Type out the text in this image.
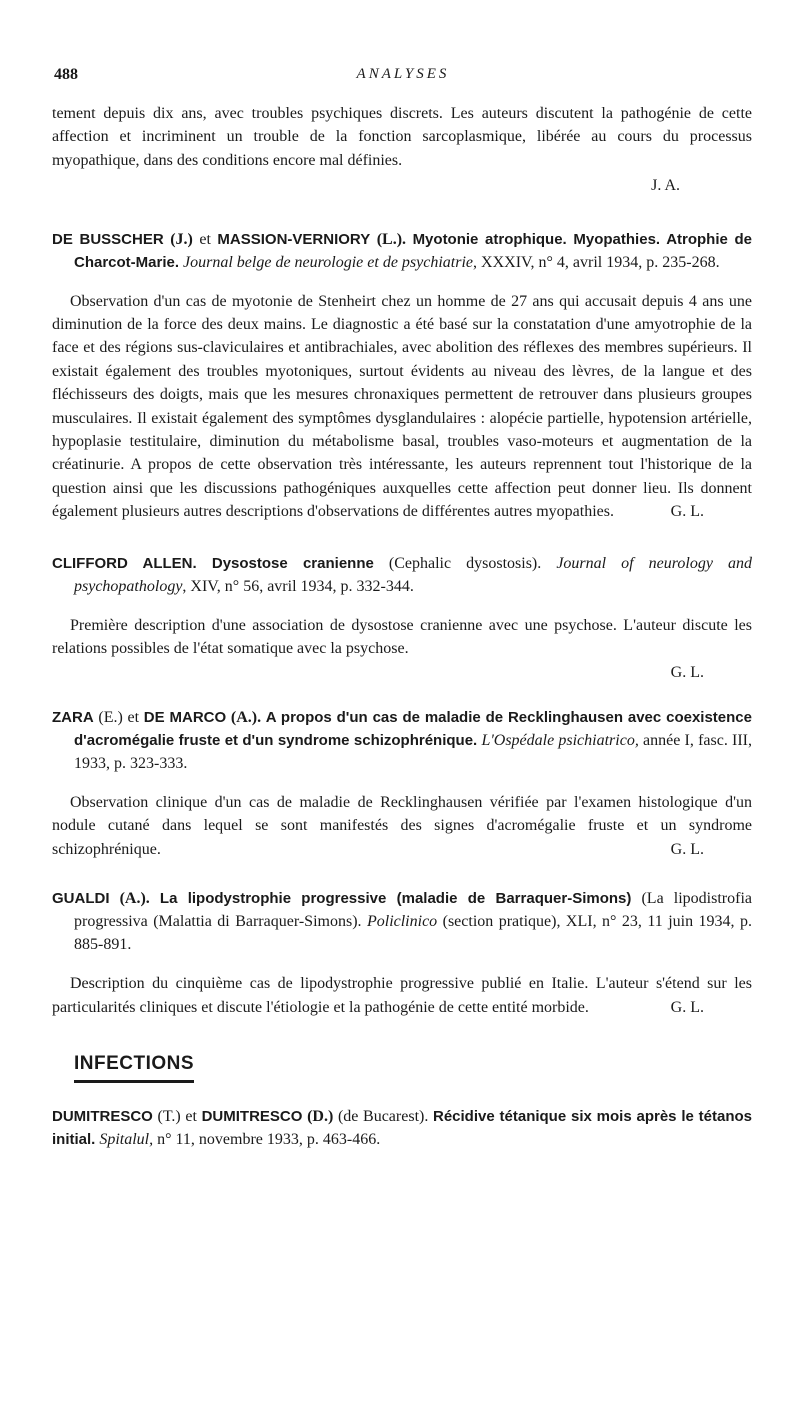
488	ANALYSES

tement depuis dix ans, avec troubles psychiques discrets. Les auteurs discutent la pathogénie de cette affection et incriminent un trouble de la fonction sarcoplasmique, libérée au cours du processus myopathique, dans des conditions encore mal définies.

J. A.
DE BUSSCHER (J.) et MASSION-VERNIORY (L.). Myotonie atrophique. Myopathies. Atrophie de Charcot-Marie. Journal belge de neurologie et de psychiatrie, XXXIV, n° 4, avril 1934, p. 235-268.

Observation d'un cas de myotonie de Stenheirt chez un homme de 27 ans qui accusait depuis 4 ans une diminution de la force des deux mains. Le diagnostic a été basé sur la constatation d'une amyotrophie de la face et des régions sus-claviculaires et antibrachiales, avec abolition des réflexes des membres supérieurs. Il existait également des troubles myotoniques, surtout évidents au niveau des lèvres, de la langue et des fléchisseurs des doigts, mais que les mesures chronaxiques permettent de retrouver dans plusieurs groupes musculaires. Il existait également des symptômes dysglandulaires : alopécie partielle, hypotension artérielle, hypoplasie testitulaire, diminution du métabolisme basal, troubles vaso-moteurs et augmentation de la créatinurie. A propos de cette observation très intéressante, les auteurs reprennent tout l'historique de la question ainsi que les discussions pathogéniques auxquelles cette affection peut donner lieu. Ils donnent également plusieurs autres descriptions d'observations de différentes autres myopathies.	G. L.
CLIFFORD ALLEN. Dysostose cranienne (Cephalic dysostosis). Journal of neurology and psychopathology, XIV, n° 56, avril 1934, p. 332-344.

Première description d'une association de dysostose cranienne avec une psychose. L'auteur discute les relations possibles de l'état somatique avec la psychose.

G. L.
ZARA (E.) et DE MARCO (A.). A propos d'un cas de maladie de Recklinghausen avec coexistence d'acromégalie fruste et d'un syndrome schizophrénique. L'Ospédale psichiatrico, année I, fasc. III, 1933, p. 323-333.

Observation clinique d'un cas de maladie de Recklinghausen vérifiée par l'examen histologique d'un nodule cutané dans lequel se sont manifestés des signes d'acromégalie fruste et un syndrome schizophrénique.	G. L.
GUALDI (A.). La lipodystrophie progressive (maladie de Barraquer-Simons) (La lipodistrofia progressiva (Malattia di Barraquer-Simons). Policlinico (section pratique), XLI, n° 23, 11 juin 1934, p. 885-891.

Description du cinquième cas de lipodystrophie progressive publié en Italie. L'auteur s'étend sur les particularités cliniques et discute l'étiologie et la pathogénie de cette entité morbide.	G. L.
INFECTIONS
DUMITRESCO (T.) et DUMITRESCO (D.) (de Bucarest). Récidive tétanique six mois après le tétanos initial. Spitalul, n° 11, novembre 1933, p. 463-466.
